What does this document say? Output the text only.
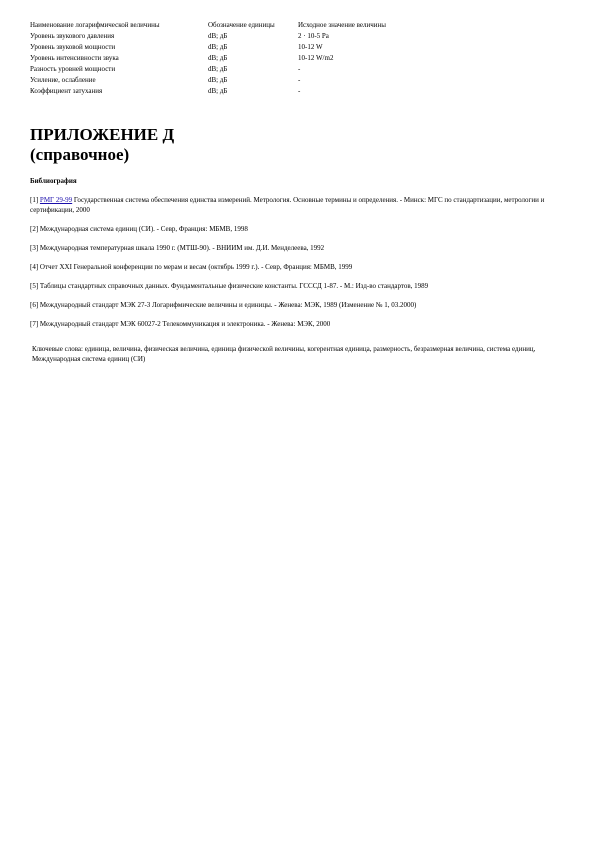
Наименование логарифмической величины	Обозначение единицы	Исходное значение величины
Уровень звукового давления	dB; дБ	2 · 10-5 Pa
Уровень звуковой мощности	dB; дБ	10-12 W
Уровень интенсивности звука	dB; дБ	10-12 W/m2
Разность уровней мощности	dB; дБ	-
Усиление, ослабление	dB; дБ	-
Коэффициент затухания	dB; дБ	-
ПРИЛОЖЕНИЕ Д
(справочное)
Библиография

[1] РМГ 29-99 Государственная система обеспечения единства измерений. Метрология. Основные термины и определения. - Минск: МГС по стандартизации, метрологии и сертификации, 2000

[2] Международная система единиц (СИ). - Севр, Франция: МБМВ, 1998

[3] Международная температурная шкала 1990 г. (МТШ-90). - ВНИИМ им. Д.И. Менделеева, 1992

[4] Отчет XXI Генеральной конференции по мерам и весам (октябрь 1999 г.). - Севр, Франция: МБМВ, 1999

[5] Таблицы стандартных справочных данных. Фундаментальные физические константы. ГСССД 1-87. - М.: Изд-во стандартов, 1989

[6] Международный стандарт МЭК 27-3 Логарифмические величины и единицы. - Женева: МЭК, 1989 (Изменение № 1, 03.2000)

[7] Международный стандарт МЭК 60027-2 Телекоммуникация и электроника. - Женева: МЭК, 2000

Ключевые слова: единица, величина, физическая величина, единица физической величины, когерентная единица, размерность, безразмерная величина, система единиц, Международная система единиц (СИ)
